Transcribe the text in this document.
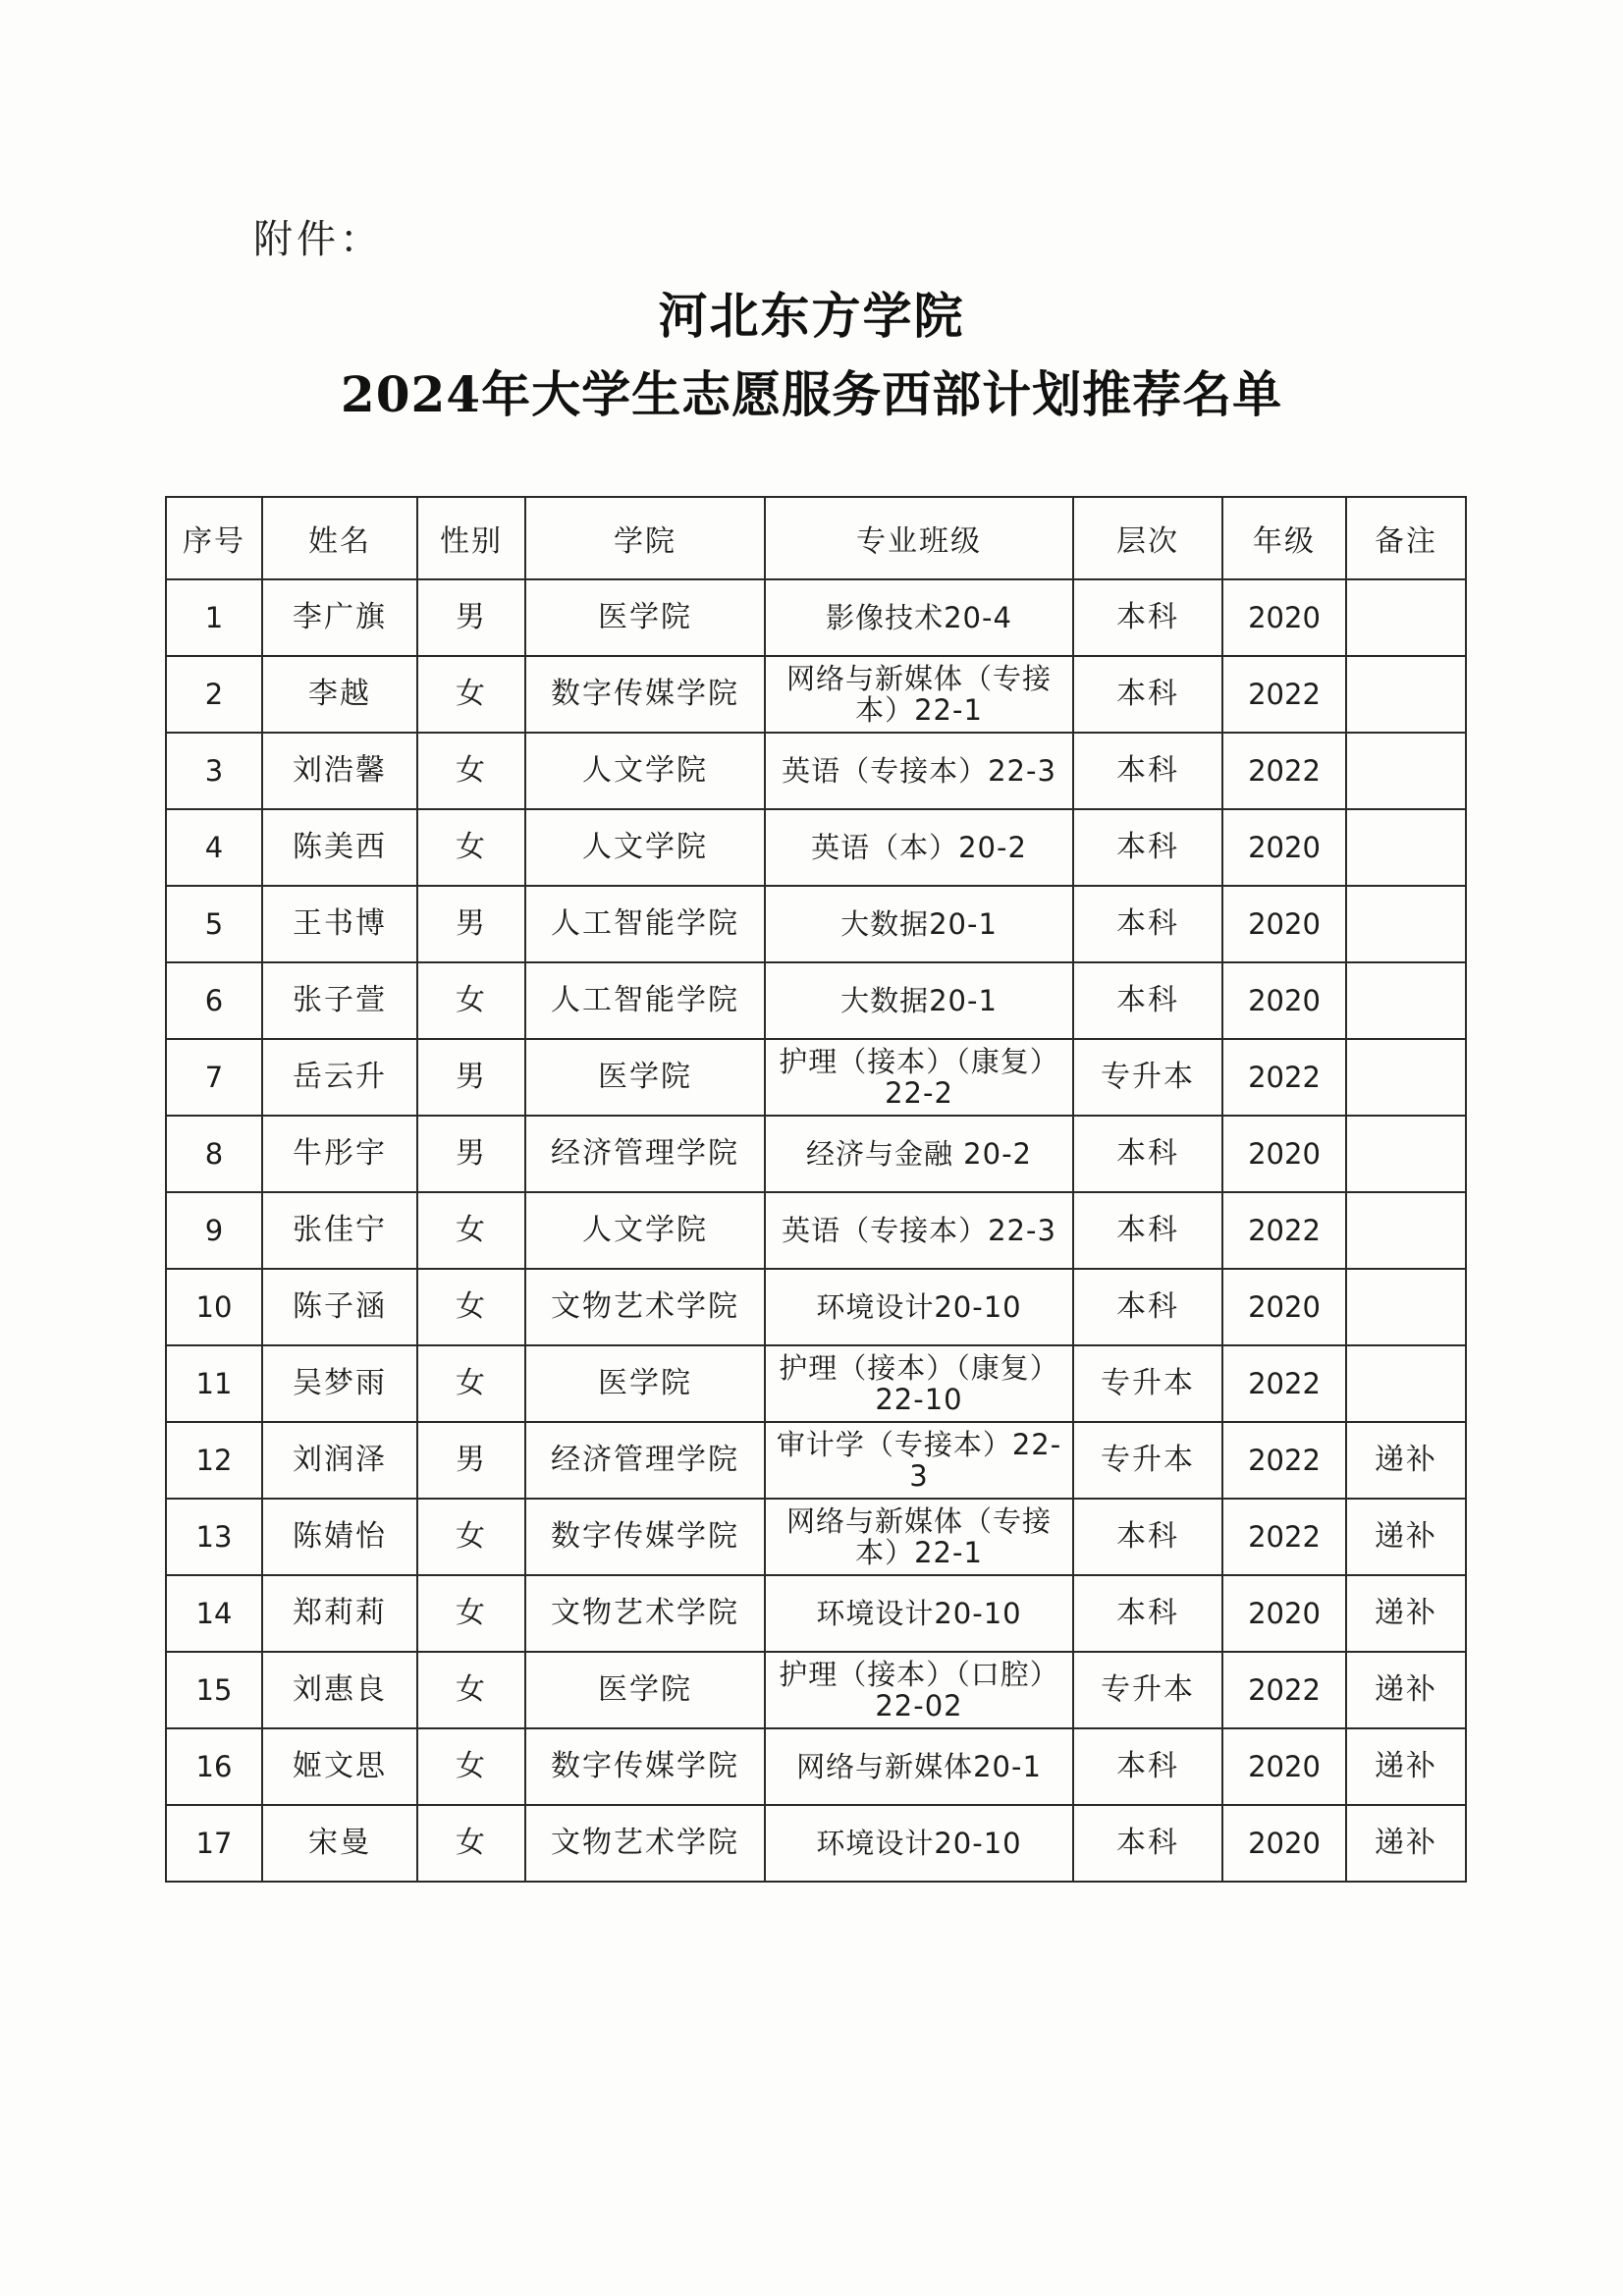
附件：
河北东方学院
2024年大学生志愿服务西部计划推荐名单
序号	姓名	性别	学院	专业班级	层次	年级	备注
1	李广旗	男	医学院	影像技术20-4	本科	2020	
2	李越	女	数字传媒学院	网络与新媒体（专接本）22-1	本科	2022	
3	刘浩馨	女	人文学院	英语（专接本）22-3	本科	2022	
4	陈美西	女	人文学院	英语（本）20-2	本科	2020	
5	王书博	男	人工智能学院	大数据20-1	本科	2020	
6	张子萱	女	人工智能学院	大数据20-1	本科	2020	
7	岳云升	男	医学院	护理（接本）（康复）22-2	专升本	2022	
8	牛彤宇	男	经济管理学院	经济与金融 20-2	本科	2020	
9	张佳宁	女	人文学院	英语（专接本）22-3	本科	2022	
10	陈子涵	女	文物艺术学院	环境设计20-10	本科	2020	
11	吴梦雨	女	医学院	护理（接本）（康复）22-10	专升本	2022	
12	刘润泽	男	经济管理学院	审计学（专接本）22-3	专升本	2022	递补
13	陈婧怡	女	数字传媒学院	网络与新媒体（专接本）22-1	本科	2022	递补
14	郑莉莉	女	文物艺术学院	环境设计20-10	本科	2020	递补
15	刘惠良	女	医学院	护理（接本）（口腔） 22-02	专升本	2022	递补
16	姬文思	女	数字传媒学院	网络与新媒体20-1	本科	2020	递补
17	宋曼	女	文物艺术学院	环境设计20-10	本科	2020	递补
